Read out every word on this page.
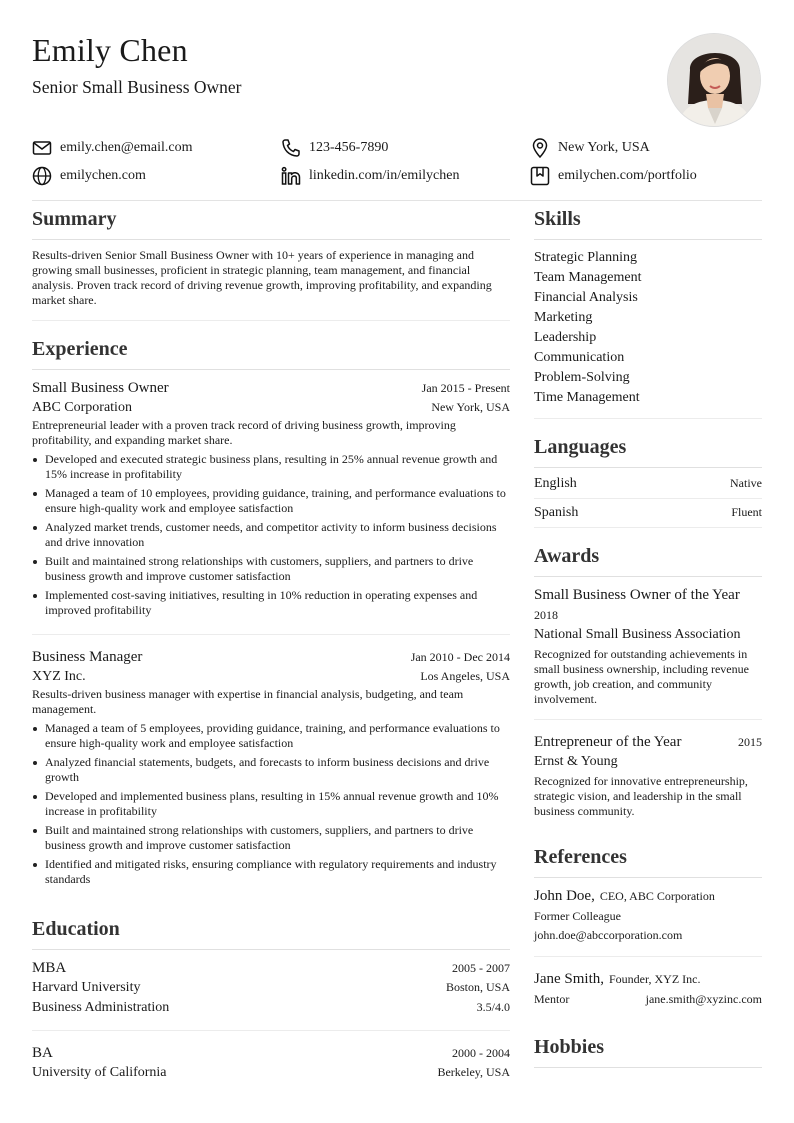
Emily Chen
Senior Small Business Owner
emily.chen@email.com	123-456-7890	New York, USA
emilychen.com	linkedin.com/in/emilychen	emilychen.com/portfolio
Summary

Results-driven Senior Small Business Owner with 10+ years of experience in managing and growing small businesses, proficient in strategic planning, team management, and financial analysis. Proven track record of driving revenue growth, improving profitability, and expanding market share.

Experience
Small Business Owner	Jan 2015 - Present
ABC Corporation	New York, USA

Entrepreneurial leader with a proven track record of driving business growth, improving profitability, and expanding market share.

Developed and executed strategic business plans, resulting in 25% annual revenue growth and 15% increase in profitability
Managed a team of 10 employees, providing guidance, training, and performance evaluations to ensure high-quality work and employee satisfaction
Analyzed market trends, customer needs, and competitor activity to inform business decisions and drive innovation
Built and maintained strong relationships with customers, suppliers, and partners to drive business growth and improve customer satisfaction
Implemented cost-saving initiatives, resulting in 10% reduction in operating expenses and improved profitability
Business Manager	Jan 2010 - Dec 2014
XYZ Inc.	Los Angeles, USA

Results-driven business manager with expertise in financial analysis, budgeting, and team management.

Managed a team of 5 employees, providing guidance, training, and performance evaluations to ensure high-quality work and employee satisfaction
Analyzed financial statements, budgets, and forecasts to inform business decisions and drive growth
Developed and implemented business plans, resulting in 15% annual revenue growth and 10% increase in profitability
Built and maintained strong relationships with customers, suppliers, and partners to drive business growth and improve customer satisfaction
Identified and mitigated risks, ensuring compliance with regulatory requirements and industry standards
Education
MBA	2005 - 2007
Harvard University	Boston, USA
Business Administration	3.5/4.0
BA	2000 - 2004
University of California	Berkeley, USA
Skills
Strategic Planning
Team Management
Financial Analysis
Marketing
Leadership
Communication
Problem-Solving
Time Management
Languages
English	Native
Spanish	Fluent
Awards
Small Business Owner of the Year
2018
National Small Business Association

Recognized for outstanding achievements in small business ownership, including revenue growth, job creation, and community involvement.

Entrepreneur of the Year	2015
Ernst & Young

Recognized for innovative entrepreneurship, strategic vision, and leadership in the small business community.

References
John Doe, CEO, ABC Corporation
Former Colleague
john.doe@abccorporation.com
Jane Smith, Founder, XYZ Inc.
Mentor	jane.smith@xyzinc.com
Hobbies
